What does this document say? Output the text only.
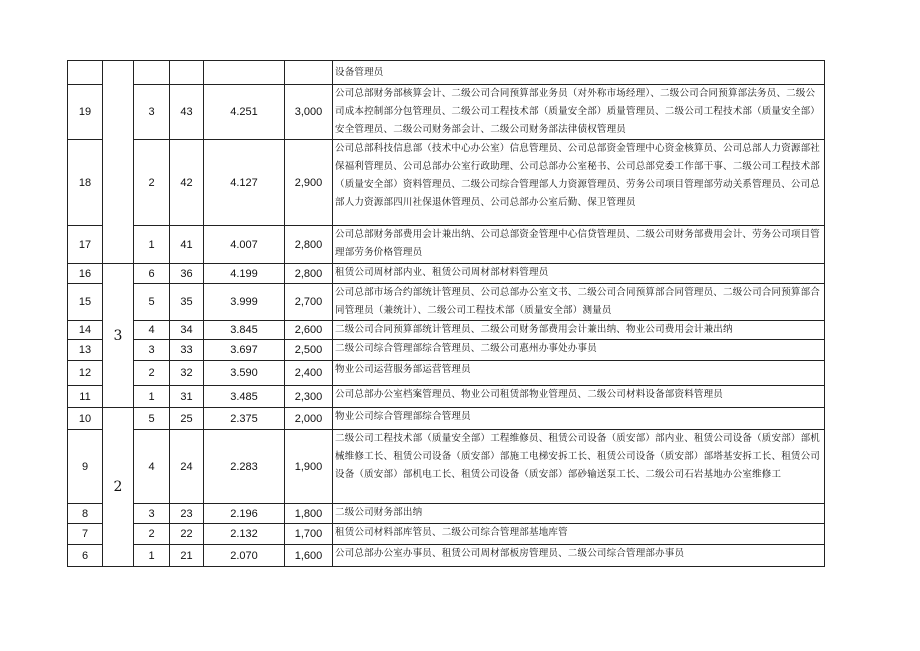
						设备管理员
19		3	43	4.251	3,000	公司总部财务部核算会计、二级公司合同预算部业务员（对外称市场经理）、二级公司合同预算部法务员、二级公司成本控制部分包管理员、二级公司工程技术部（质量安全部）质量管理员、二级公司工程技术部（质量安全部）安全管理员、二级公司财务部会计、二级公司财务部法律债权管理员
18		2	42	4.127	2,900	公司总部科技信息部（技术中心办公室）信息管理员、公司总部资金管理中心资金核算员、公司总部人力资源部社保福利管理员、公司总部办公室行政助理、公司总部办公室秘书、公司总部党委工作部干事、二级公司工程技术部（质量安全部）资料管理员、二级公司综合管理部人力资源管理员、劳务公司项目管理部劳动关系管理员、公司总部人力资源部四川社保退休管理员、公司总部办公室后勤、保卫管理员
17		1	41	4.007	2,800	公司总部财务部费用会计兼出纳、公司总部资金管理中心信贷管理员、二级公司财务部费用会计、劳务公司项目管理部劳务价格管理员
16	3	6	36	4.199	2,800	租赁公司周材部内业、租赁公司周材部材料管理员
15		5	35	3.999	2,700	公司总部市场合约部统计管理员、公司总部办公室文书、二级公司合同预算部合同管理员、二级公司合同预算部合同管理员（兼统计）、二级公司工程技术部（质量安全部）测量员
14		4	34	3.845	2,600	二级公司合同预算部统计管理员、二级公司财务部费用会计兼出纳、物业公司费用会计兼出纳
13		3	33	3.697	2,500	二级公司综合管理部综合管理员、二级公司惠州办事处办事员
12		2	32	3.590	2,400	物业公司运营服务部运营管理员
11		1	31	3.485	2,300	公司总部办公室档案管理员、物业公司租赁部物业管理员、二级公司材料设备部资料管理员
10	2	5	25	2.375	2,000	物业公司综合管理部综合管理员
9		4	24	2.283	1,900	二级公司工程技术部（质量安全部）工程维修员、租赁公司设备（质安部）部内业、租赁公司设备（质安部）部机械维修工长、租赁公司设备（质安部）部施工电梯安拆工长、租赁公司设备（质安部）部塔基安拆工长、租赁公司设备（质安部）部机电工长、租赁公司设备（质安部）部砂输送泵工长、二级公司石岩基地办公室维修工
8		3	23	2.196	1,800	二级公司财务部出纳
7		2	22	2.132	1,700	租赁公司材料部库管员、二级公司综合管理部基地库管
6		1	21	2.070	1,600	公司总部办公室办事员、租赁公司周材部板房管理员、二级公司综合管理部办事员
